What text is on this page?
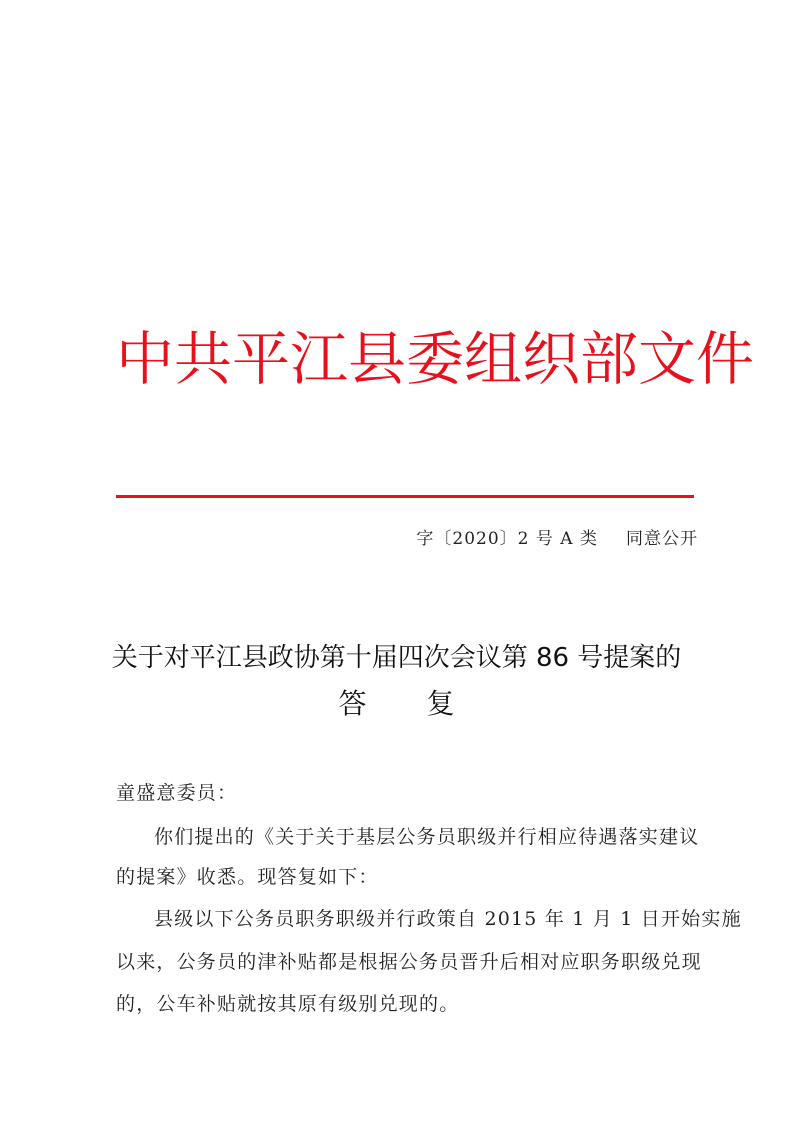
中共平江县委组织部文件
字〔2020〕2 号 A 类 同意公开
关于对平江县政协第十届四次会议第 86 号提案的
答复
童盛意委员：
你们提出的《关于关于基层公务员职级并行相应待遇落实建议
的提案》收悉。现答复如下：
县级以下公务员职务职级并行政策自 2015 年 1 月 1 日开始实施
以来，公务员的津补贴都是根据公务员晋升后相对应职务职级兑现
的，公车补贴就按其原有级别兑现的。
